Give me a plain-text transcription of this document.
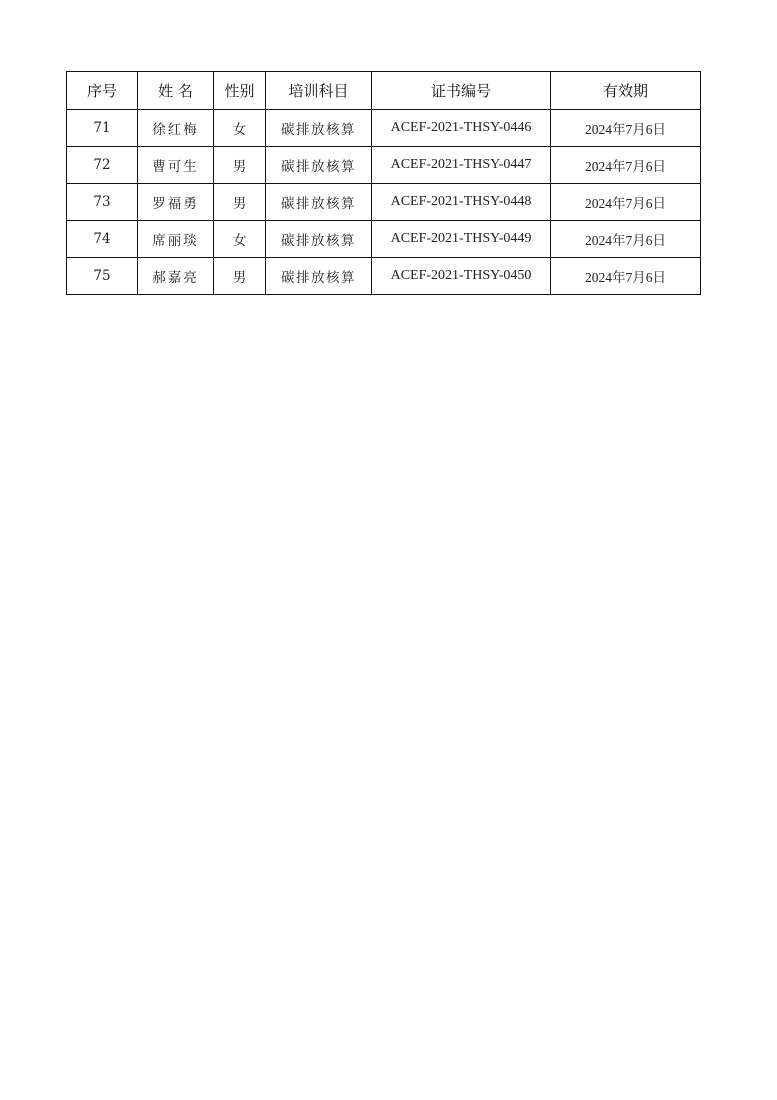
序号	姓 名	性别	培训科目	证书编号	有效期
71	徐红梅	女	碳排放核算	ACEF-2021-THSY-0446	2024年7月6日
72	曹可生	男	碳排放核算	ACEF-2021-THSY-0447	2024年7月6日
73	罗福勇	男	碳排放核算	ACEF-2021-THSY-0448	2024年7月6日
74	席丽琰	女	碳排放核算	ACEF-2021-THSY-0449	2024年7月6日
75	郝嘉亮	男	碳排放核算	ACEF-2021-THSY-0450	2024年7月6日
